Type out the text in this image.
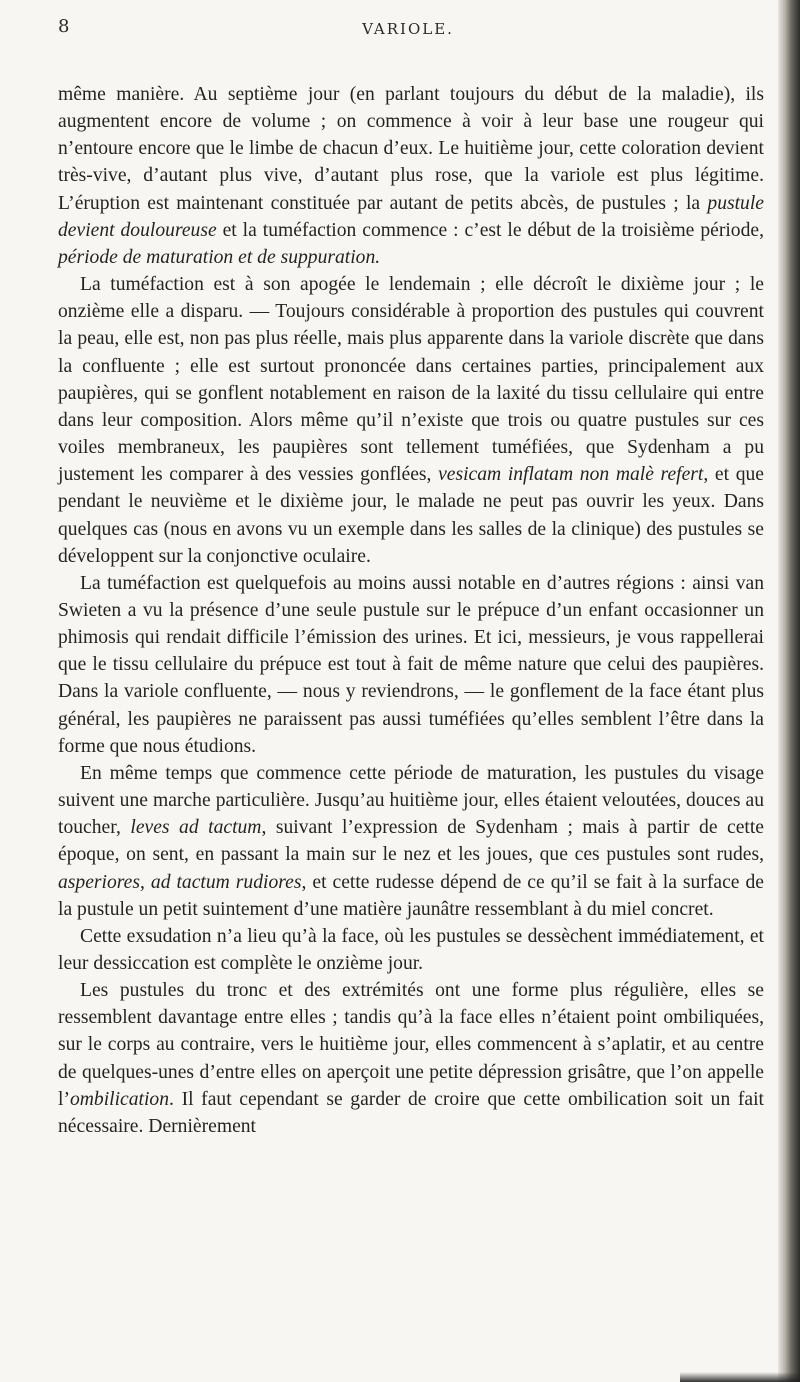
8	VARIOLE.

même manière. Au septième jour (en parlant toujours du début de la maladie), ils augmentent encore de volume ; on commence à voir à leur base une rougeur qui n’entoure encore que le limbe de chacun d’eux. Le huitième jour, cette coloration devient très-vive, d’autant plus vive, d’autant plus rose, que la variole est plus légitime. L’éruption est maintenant constituée par autant de petits abcès, de pustules ; la pustule devient douloureuse et la tuméfaction commence : c’est le début de la troisième période, période de maturation et de suppuration.

La tuméfaction est à son apogée le lendemain ; elle décroît le dixième jour ; le onzième elle a disparu. — Toujours considérable à proportion des pustules qui couvrent la peau, elle est, non pas plus réelle, mais plus apparente dans la variole discrète que dans la confluente ; elle est surtout prononcée dans certaines parties, principalement aux paupières, qui se gonflent notablement en raison de la laxité du tissu cellulaire qui entre dans leur composition. Alors même qu’il n’existe que trois ou quatre pustules sur ces voiles membraneux, les paupières sont tellement tuméfiées, que Sydenham a pu justement les comparer à des vessies gonflées, vesicam inflatam non malè refert, et que pendant le neuvième et le dixième jour, le malade ne peut pas ouvrir les yeux. Dans quelques cas (nous en avons vu un exemple dans les salles de la clinique) des pustules se développent sur la conjonctive oculaire.

La tuméfaction est quelquefois au moins aussi notable en d’autres régions : ainsi van Swieten a vu la présence d’une seule pustule sur le prépuce d’un enfant occasionner un phimosis qui rendait difficile l’émission des urines. Et ici, messieurs, je vous rappellerai que le tissu cellulaire du prépuce est tout à fait de même nature que celui des paupières. Dans la variole confluente, — nous y reviendrons, — le gonflement de la face étant plus général, les paupières ne paraissent pas aussi tuméfiées qu’elles semblent l’être dans la forme que nous étudions.

En même temps que commence cette période de maturation, les pustules du visage suivent une marche particulière. Jusqu’au huitième jour, elles étaient veloutées, douces au toucher, leves ad tactum, suivant l’expression de Sydenham ; mais à partir de cette époque, on sent, en passant la main sur le nez et les joues, que ces pustules sont rudes, asperiores, ad tactum rudiores, et cette rudesse dépend de ce qu’il se fait à la surface de la pustule un petit suintement d’une matière jaunâtre ressemblant à du miel concret.

Cette exsudation n’a lieu qu’à la face, où les pustules se dessèchent immédiatement, et leur dessiccation est complète le onzième jour.

Les pustules du tronc et des extrémités ont une forme plus régulière, elles se ressemblent davantage entre elles ; tandis qu’à la face elles n’étaient point ombiliquées, sur le corps au contraire, vers le huitième jour, elles commencent à s’aplatir, et au centre de quelques-unes d’entre elles on aperçoit une petite dépression grisâtre, que l’on appelle l’ombilication. Il faut cependant se garder de croire que cette ombilication soit un fait nécessaire. Dernièrement
